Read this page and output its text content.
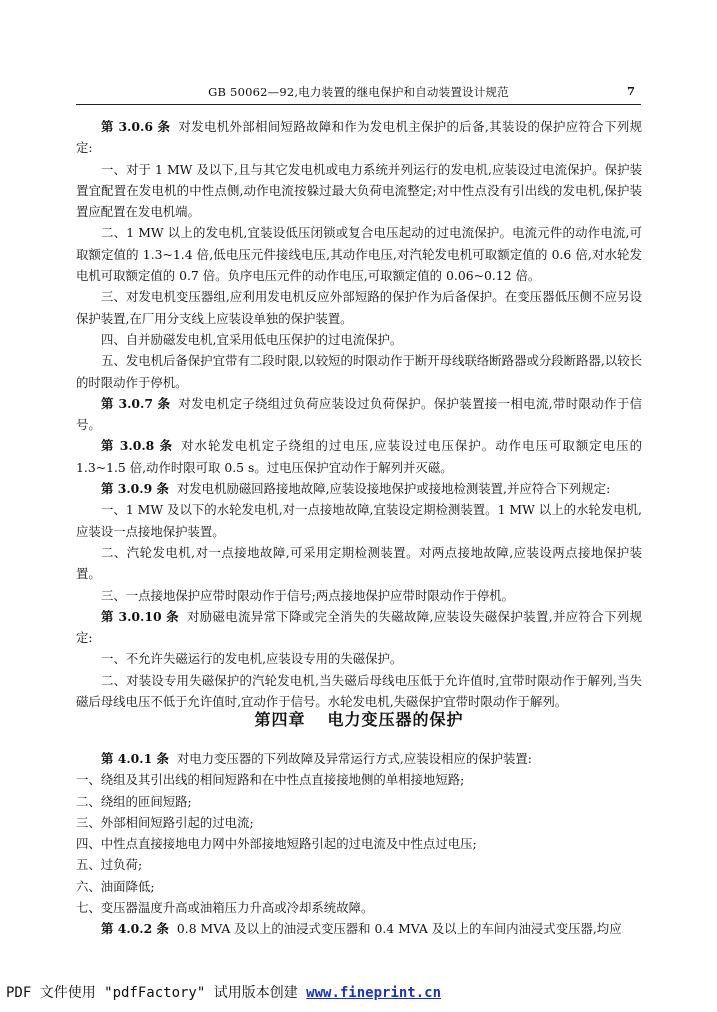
GB 50062—92,电力装置的继电保护和自动装置设计规范	7

第 3.0.6 条 对发电机外部相间短路故障和作为发电机主保护的后备,其装设的保护应符合下列规定:

一、对于 1 MW 及以下,且与其它发电机或电力系统并列运行的发电机,应装设过电流保护。保护装置宜配置在发电机的中性点侧,动作电流按躲过最大负荷电流整定;对中性点没有引出线的发电机,保护装置应配置在发电机端。

二、1 MW 以上的发电机,宜装设低压闭锁或复合电压起动的过电流保护。电流元件的动作电流,可取额定值的 1.3~1.4 倍,低电压元件接线电压,其动作电压,对汽轮发电机可取额定值的 0.6 倍,对水轮发电机可取额定值的 0.7 倍。负序电压元件的动作电压,可取额定值的 0.06~0.12 倍。

三、对发电机变压器组,应利用发电机反应外部短路的保护作为后备保护。在变压器低压侧不应另设保护装置,在厂用分支线上应装设单独的保护装置。

四、自并励磁发电机,宜采用低电压保护的过电流保护。

五、发电机后备保护宜带有二段时限,以较短的时限动作于断开母线联络断路器或分段断路器,以较长的时限动作于停机。

第 3.0.7 条 对发电机定子绕组过负荷应装设过负荷保护。保护装置接一相电流,带时限动作于信号。

第 3.0.8 条 对水轮发电机定子绕组的过电压,应装设过电压保护。动作电压可取额定电压的 1.3~1.5 倍,动作时限可取 0.5 s。过电压保护宜动作于解列并灭磁。

第 3.0.9 条 对发电机励磁回路接地故障,应装设接地保护或接地检测装置,并应符合下列规定:

一、1 MW 及以下的水轮发电机,对一点接地故障,宜装设定期检测装置。1 MW 以上的水轮发电机,应装设一点接地保护装置。

二、汽轮发电机,对一点接地故障,可采用定期检测装置。对两点接地故障,应装设两点接地保护装置。

三、一点接地保护应带时限动作于信号;两点接地保护应带时限动作于停机。

第 3.0.10 条 对励磁电流异常下降或完全消失的失磁故障,应装设失磁保护装置,并应符合下列规定:

一、不允许失磁运行的发电机,应装设专用的失磁保护。

二、对装设专用失磁保护的汽轮发电机,当失磁后母线电压低于允许值时,宜带时限动作于解列,当失磁后母线电压不低于允许值时,宜动作于信号。水轮发电机,失磁保护宜带时限动作于解列。

第四章 电力变压器的保护

第 4.0.1 条 对电力变压器的下列故障及异常运行方式,应装设相应的保护装置:

一、绕组及其引出线的相间短路和在中性点直接接地侧的单相接地短路;

二、绕组的匝间短路;

三、外部相间短路引起的过电流;

四、中性点直接接地电力网中外部接地短路引起的过电流及中性点过电压;

五、过负荷;

六、油面降低;

七、变压器温度升高或油箱压力升高或冷却系统故障。

第 4.0.2 条 0.8 MVA 及以上的油浸式变压器和 0.4 MVA 及以上的车间内油浸式变压器,均应

PDF 文件使用 "pdfFactory" 试用版本创建 www.fineprint.cn
